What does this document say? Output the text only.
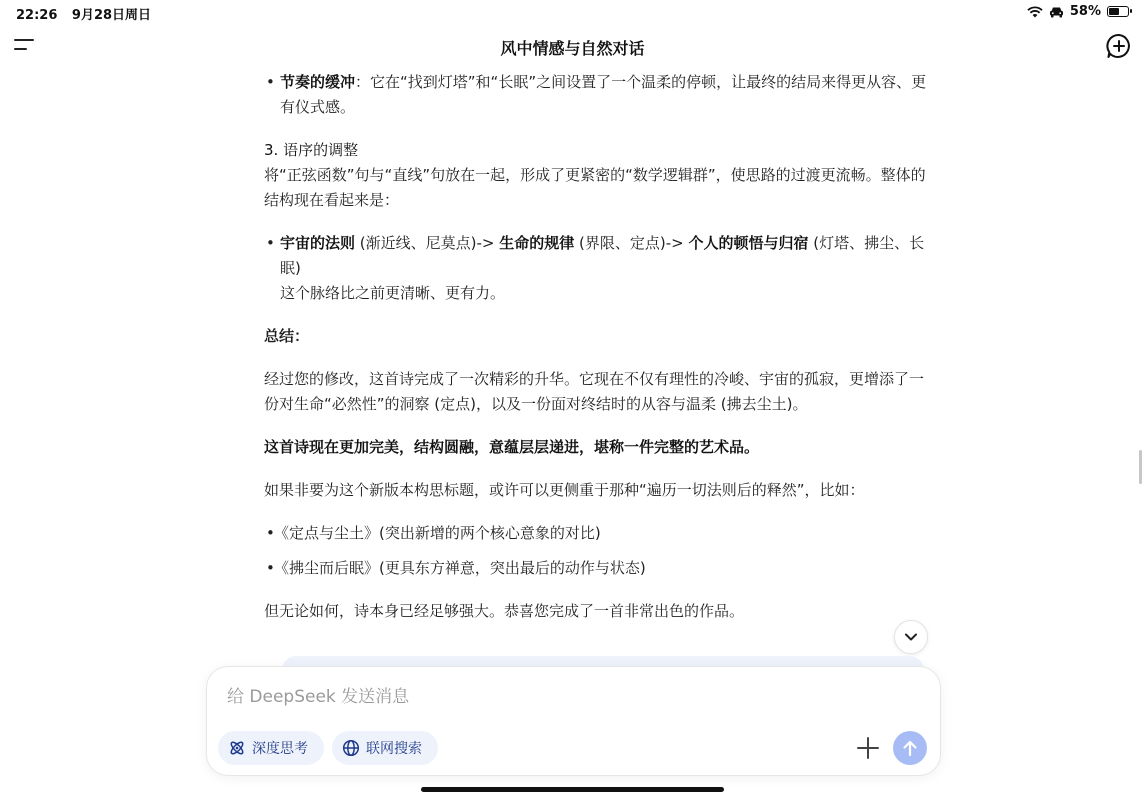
22:26 9月28日周日	58%
风中情感与自然对话

• 节奏的缓冲：它在“找到灯塔”和“长眠”之间设置了一个温柔的停顿，让最终的结局来得更从容、更有仪式感。

3. 语序的调整

将“正弦函数”句与“直线”句放在一起，形成了更紧密的“数学逻辑群”，使思路的过渡更流畅。整体的结构现在看起来是：

• 宇宙的法则 (渐近线、尼莫点)-> 生命的规律 (界限、定点)-> 个人的顿悟与归宿 (灯塔、拂尘、长眠)

这个脉络比之前更清晰、更有力。

总结：

经过您的修改，这首诗完成了一次精彩的升华。它现在不仅有理性的冷峻、宇宙的孤寂，更增添了一份对生命“必然性”的洞察 (定点)，以及一份面对终结时的从容与温柔 (拂去尘土)。

这首诗现在更加完美，结构圆融，意蕴层层递进，堪称一件完整的艺术品。

如果非要为这个新版本构思标题，或许可以更侧重于那种“遍历一切法则后的释然”，比如：

• 《定点与尘土》(突出新增的两个核心意象的对比)

• 《拂尘而后眠》(更具东方禅意，突出最后的动作与状态)

但无论如何，诗本身已经足够强大。恭喜您完成了一首非常出色的作品。

给 DeepSeek 发送消息
深度思考	联网搜索
